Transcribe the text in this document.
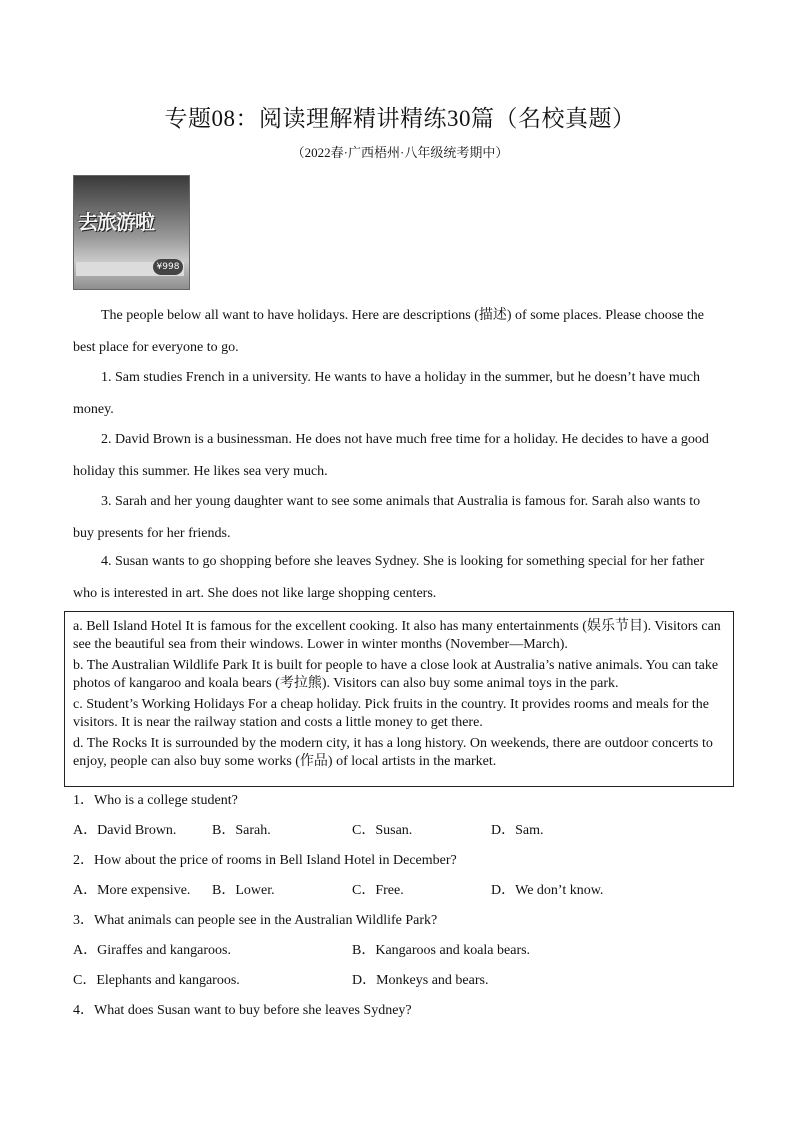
专题08：阅读理解精讲精练30篇（名校真题）
（2022春·广西梧州·八年级统考期中）
去旅游啦
¥998

The people below all want to have holidays. Here are descriptions (描述) of some places. Please choose the best place for everyone to go.

1. Sam studies French in a university. He wants to have a holiday in the summer, but he doesn’t have much money.

2. David Brown is a businessman. He does not have much free time for a holiday. He decides to have a good holiday this summer. He likes sea very much.

3. Sarah and her young daughter want to see some animals that Australia is famous for. Sarah also wants to buy presents for her friends.

4. Susan wants to go shopping before she leaves Sydney. She is looking for something special for her father who is interested in art. She does not like large shopping centers.

a. Bell Island Hotel It is famous for the excellent cooking. It also has many entertainments (娱乐节目). Visitors can see the beautiful sea from their windows. Lower in winter months (November—March).

b. The Australian Wildlife Park It is built for people to have a close look at Australia’s native animals. You can take photos of kangaroo and koala bears (考拉熊). Visitors can also buy some animal toys in the park.

c. Student’s Working Holidays For a cheap holiday. Pick fruits in the country. It provides rooms and meals for the visitors. It is near the railway station and costs a little money to get there.

d. The Rocks It is surrounded by the modern city, it has a long history. On weekends, there are outdoor concerts to enjoy, people can also buy some works (作品) of local artists in the market.

1．Who is a college student?

A．David Brown.	B．Sarah.	C．Susan.	D．Sam.

2．How about the price of rooms in Bell Island Hotel in December?

A．More expensive. B．Lower.	C．Free.	D．We don’t know.

3．What animals can people see in the Australian Wildlife Park?

A．Giraffes and kangaroos.	B．Kangaroos and koala bears.
C．Elephants and kangaroos.	D．Monkeys and bears.

4．What does Susan want to buy before she leaves Sydney?
